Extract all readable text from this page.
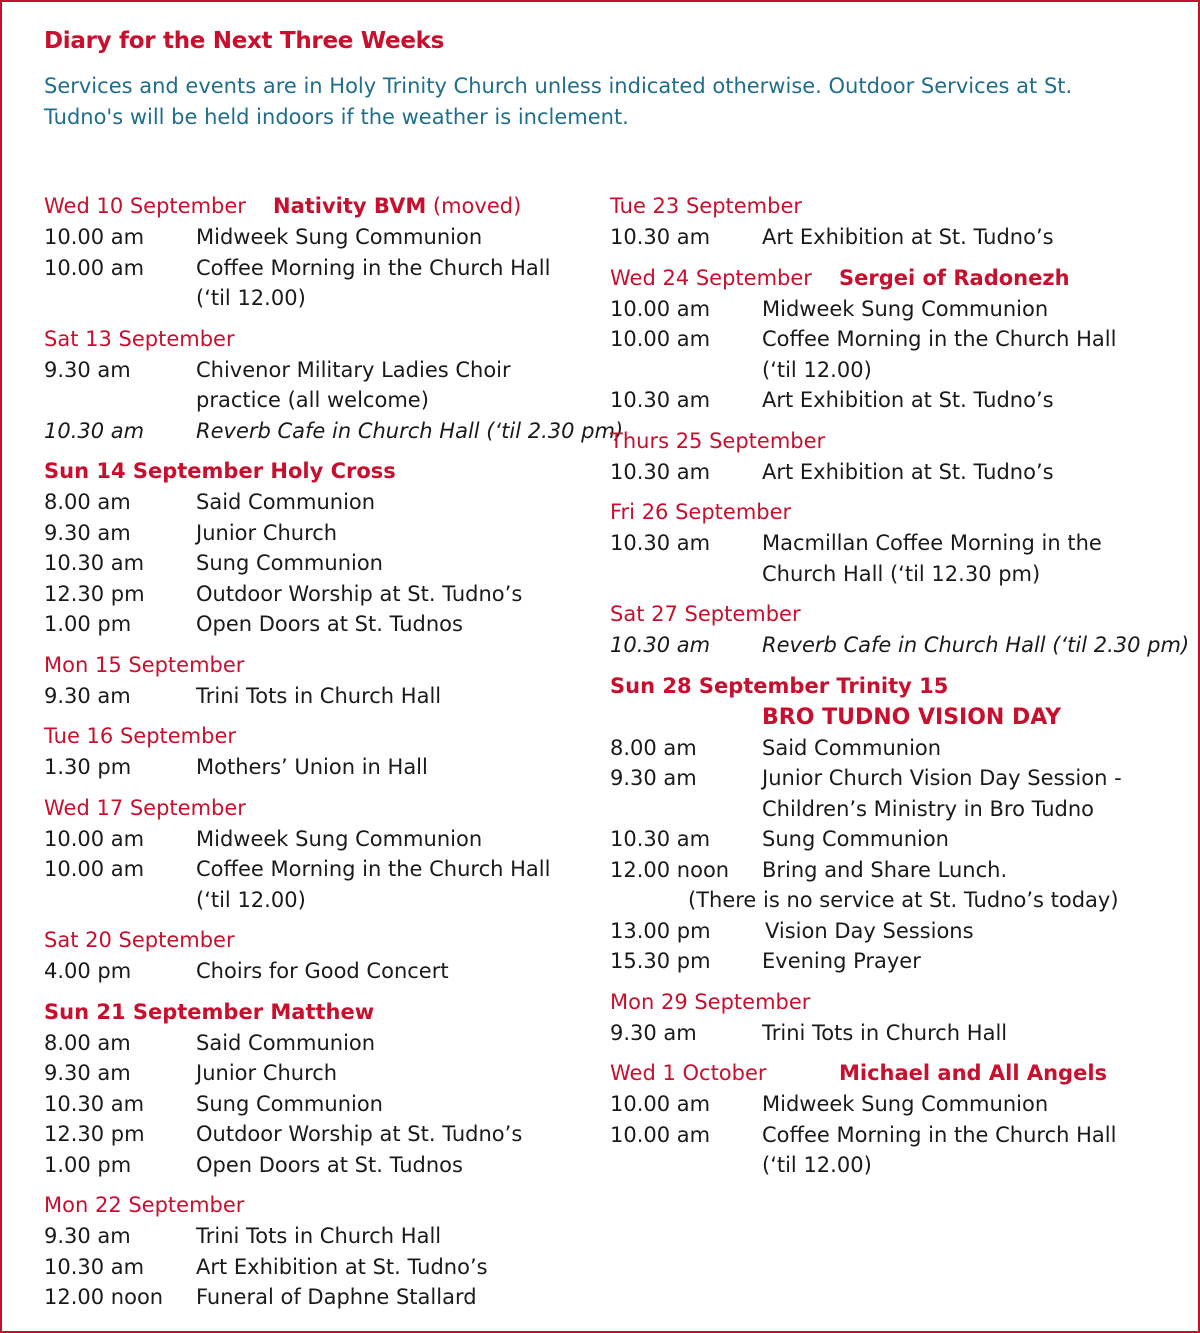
Diary for the Next Three Weeks
Services and events are in Holy Trinity Church unless indicated otherwise. Outdoor Services at St. Tudno's will be held indoors if the weather is inclement.
Wed 10 September Nativity BVM (moved)
10.00 am	Midweek Sung Communion
10.00 am	Coffee Morning in the Church Hall (‘til 12.00)
Sat 13 September
9.30 am	Chivenor Military Ladies Choir practice (all welcome)
10.30 am	Reverb Cafe in Church Hall (‘til 2.30 pm)
Sun 14 September Holy Cross
8.00 am	Said Communion
9.30 am	Junior Church
10.30 am	Sung Communion
12.30 pm	Outdoor Worship at St. Tudno’s
1.00 pm	Open Doors at St. Tudnos
Mon 15 September
9.30 am	Trini Tots in Church Hall
Tue 16 September
1.30 pm	Mothers’ Union in Hall
Wed 17 September
10.00 am	Midweek Sung Communion
10.00 am	Coffee Morning in the Church Hall (‘til 12.00)
Sat 20 September
4.00 pm	Choirs for Good Concert
Sun 21 September Matthew
8.00 am	Said Communion
9.30 am	Junior Church
10.30 am	Sung Communion
12.30 pm	Outdoor Worship at St. Tudno’s
1.00 pm	Open Doors at St. Tudnos
Mon 22 September
9.30 am	Trini Tots in Church Hall
10.30 am	Art Exhibition at St. Tudno’s
12.00 noon	Funeral of Daphne Stallard
Tue 23 September
10.30 am	Art Exhibition at St. Tudno’s
Wed 24 September Sergei of Radonezh
10.00 am	Midweek Sung Communion
10.00 am	Coffee Morning in the Church Hall (‘til 12.00)
10.30 am	Art Exhibition at St. Tudno’s
Thurs 25 September
10.30 am	Art Exhibition at St. Tudno’s
Fri 26 September
10.30 am	Macmillan Coffee Morning in the Church Hall (‘til 12.30 pm)
Sat 27 September
10.30 am	Reverb Cafe in Church Hall (‘til 2.30 pm)
Sun 28 September Trinity 15
BRO TUDNO VISION DAY
8.00 am	Said Communion
9.30 am	Junior Church Vision Day Session - Children’s Ministry in Bro Tudno
10.30 am	Sung Communion
12.00 noon	Bring and Share Lunch.
(There is no service at St. Tudno’s today)
13.00 pm	Vision Day Sessions
15.30 pm	Evening Prayer
Mon 29 September
9.30 am	Trini Tots in Church Hall
Wed 1 October	Michael and All Angels
10.00 am	Midweek Sung Communion
10.00 am	Coffee Morning in the Church Hall (‘til 12.00)
